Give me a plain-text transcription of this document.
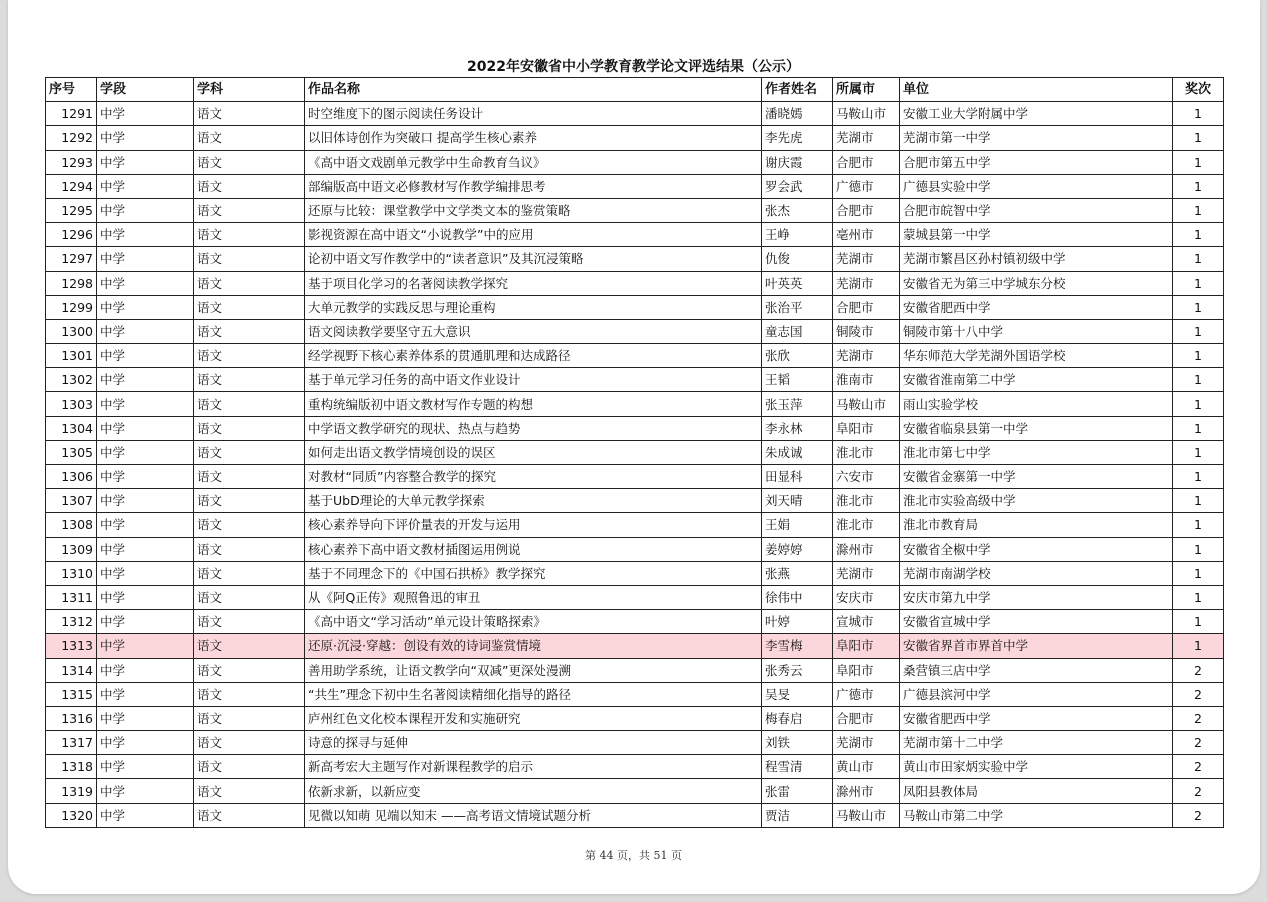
2022年安徽省中小学教育教学论文评选结果（公示）
序号	学段	学科	作品名称	作者姓名	所属市	单位	奖次
1291	中学	语文	时空维度下的图示阅读任务设计	潘晓嫣	马鞍山市	安徽工业大学附属中学	1
1292	中学	语文	以旧体诗创作为突破口 提高学生核心素养	李先虎	芜湖市	芜湖市第一中学	1
1293	中学	语文	《高中语文戏剧单元教学中生命教育刍议》	谢庆霞	合肥市	合肥市第五中学	1
1294	中学	语文	部编版高中语文必修教材写作教学编排思考	罗会武	广德市	广德县实验中学	1
1295	中学	语文	还原与比较：课堂教学中文学类文本的鉴赏策略	张杰	合肥市	合肥市皖智中学	1
1296	中学	语文	影视资源在高中语文“小说教学”中的应用	王峥	亳州市	蒙城县第一中学	1
1297	中学	语文	论初中语文写作教学中的“读者意识”及其沉浸策略	仇俊	芜湖市	芜湖市繁昌区孙村镇初级中学	1
1298	中学	语文	基于项目化学习的名著阅读教学探究	叶英英	芜湖市	安徽省无为第三中学城东分校	1
1299	中学	语文	大单元教学的实践反思与理论重构	张治平	合肥市	安徽省肥西中学	1
1300	中学	语文	语文阅读教学要坚守五大意识	童志国	铜陵市	铜陵市第十八中学	1
1301	中学	语文	经学视野下核心素养体系的贯通肌理和达成路径	张欣	芜湖市	华东师范大学芜湖外国语学校	1
1302	中学	语文	基于单元学习任务的高中语文作业设计	王韬	淮南市	安徽省淮南第二中学	1
1303	中学	语文	重构统编版初中语文教材写作专题的构想	张玉萍	马鞍山市	雨山实验学校	1
1304	中学	语文	中学语文教学研究的现状、热点与趋势	李永林	阜阳市	安徽省临泉县第一中学	1
1305	中学	语文	如何走出语文教学情境创设的误区	朱成诚	淮北市	淮北市第七中学	1
1306	中学	语文	对教材“同质”内容整合教学的探究	田显科	六安市	安徽省金寨第一中学	1
1307	中学	语文	基于UbD理论的大单元教学探索	刘天晴	淮北市	淮北市实验高级中学	1
1308	中学	语文	核心素养导向下评价量表的开发与运用	王娟	淮北市	淮北市教育局	1
1309	中学	语文	核心素养下高中语文教材插图运用例说	姜婷婷	滁州市	安徽省全椒中学	1
1310	中学	语文	基于不同理念下的《中国石拱桥》教学探究	张燕	芜湖市	芜湖市南湖学校	1
1311	中学	语文	从《阿Q正传》观照鲁迅的审丑	徐伟中	安庆市	安庆市第九中学	1
1312	中学	语文	《高中语文“学习活动”单元设计策略探索》	叶婷	宣城市	安徽省宣城中学	1
1313	中学	语文	还原·沉浸·穿越：创设有效的诗词鉴赏情境	李雪梅	阜阳市	安徽省界首市界首中学	1
1314	中学	语文	善用助学系统，让语文教学向“双减”更深处漫溯	张秀云	阜阳市	桑营镇三店中学	2
1315	中学	语文	“共生”理念下初中生名著阅读精细化指导的路径	吴旻	广德市	广德县滨河中学	2
1316	中学	语文	庐州红色文化校本课程开发和实施研究	梅春启	合肥市	安徽省肥西中学	2
1317	中学	语文	诗意的探寻与延伸	刘铁	芜湖市	芜湖市第十二中学	2
1318	中学	语文	新高考宏大主题写作对新课程教学的启示	程雪清	黄山市	黄山市田家炳实验中学	2
1319	中学	语文	依新求新，以新应变	张雷	滁州市	凤阳县教体局	2
1320	中学	语文	见微以知萌 见端以知末 ——高考语文情境试题分析	贾洁	马鞍山市	马鞍山市第二中学	2
第 44 页，共 51 页
